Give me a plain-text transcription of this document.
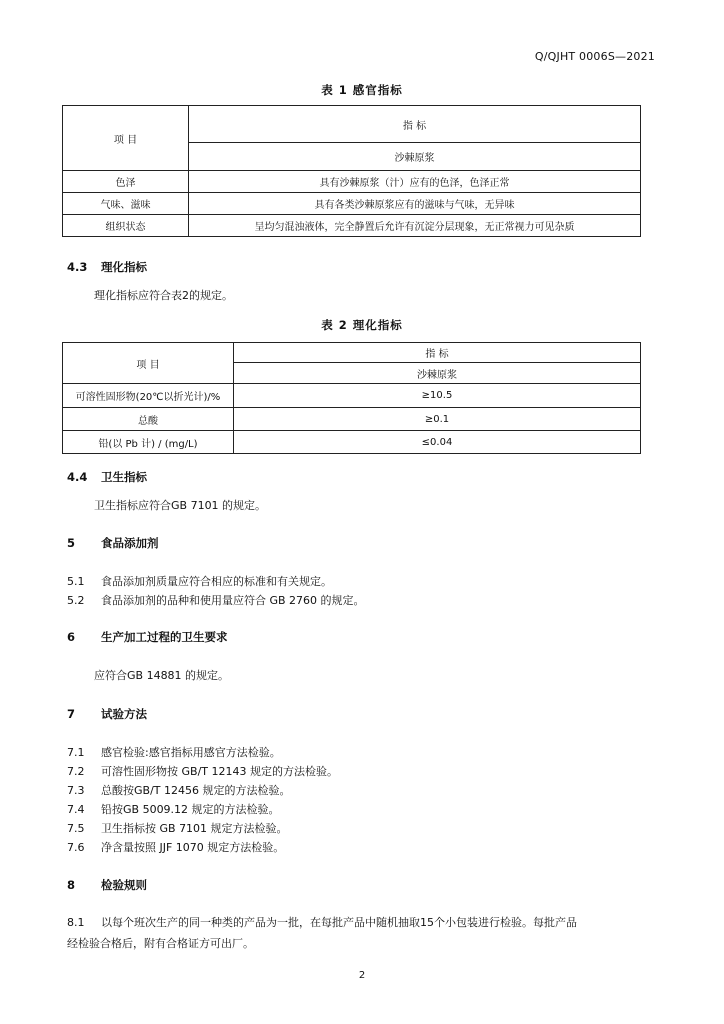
Q/QJHT 0006S—2021
表 1 感官指标
项 目	指 标
	沙棘原浆
色泽	具有沙棘原浆（汁）应有的色泽，色泽正常
气味、滋味	具有各类沙棘原浆应有的滋味与气味，无异味
组织状态	呈均匀混浊液体，完全静置后允许有沉淀分层现象，无正常视力可见杂质
4.3 理化指标
理化指标应符合表2的规定。
表 2 理化指标
项 目	指 标
	沙棘原浆
可溶性固形物(20℃以折光计)/%	≥10.5
总酸	≥0.1
铅(以 Pb 计) / (mg/L)	≤0.04
4.4 卫生指标
卫生指标应符合GB 7101 的规定。
5 食品添加剂
5.1 食品添加剂质量应符合相应的标准和有关规定。
5.2 食品添加剂的品种和使用量应符合 GB 2760 的规定。
6 生产加工过程的卫生要求
应符合GB 14881 的规定。
7 试验方法
7.1 感官检验:感官指标用感官方法检验。
7.2 可溶性固形物按 GB/T 12143 规定的方法检验。
7.3 总酸按GB/T 12456 规定的方法检验。
7.4 铅按GB 5009.12 规定的方法检验。
7.5 卫生指标按 GB 7101 规定方法检验。
7.6 净含量按照 JJF 1070 规定方法检验。
8 检验规则
8.1 以每个班次生产的同一种类的产品为一批，在每批产品中随机抽取15个小包装进行检验。每批产品
经检验合格后，附有合格证方可出厂。
2
